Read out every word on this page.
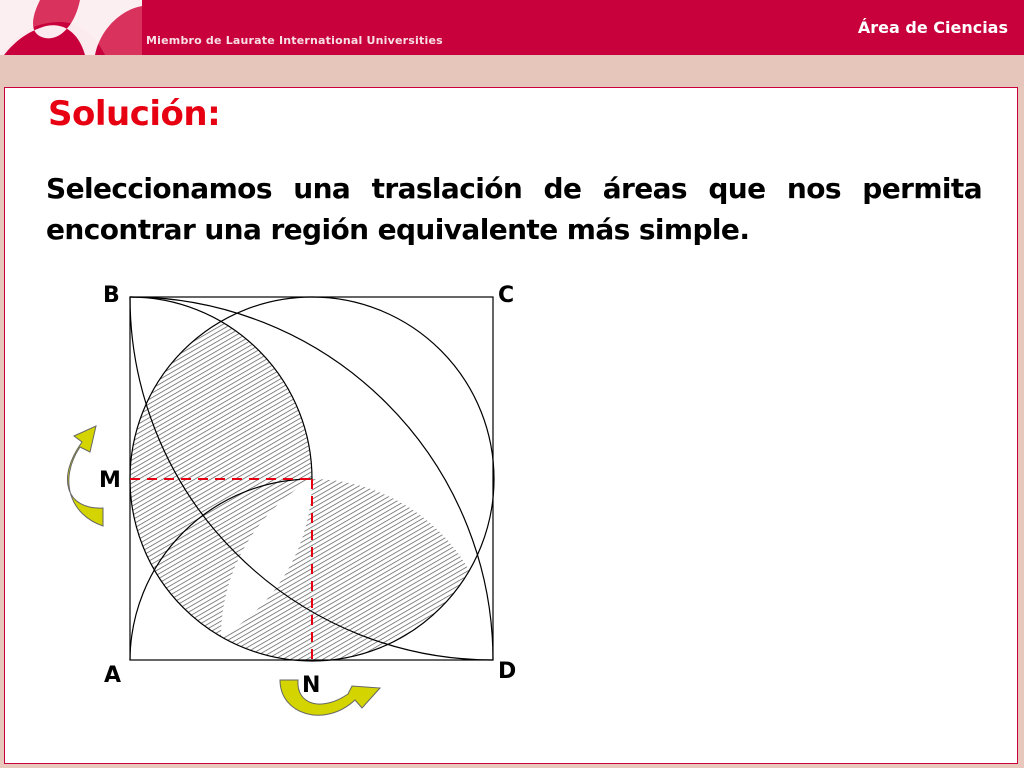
Miembro de Laurate International Universities
Área de Ciencias
Solución:
Seleccionamos una traslación de áreas que nos permita encontrar una región equivalente más simple.
B	C
M
A	D
N
